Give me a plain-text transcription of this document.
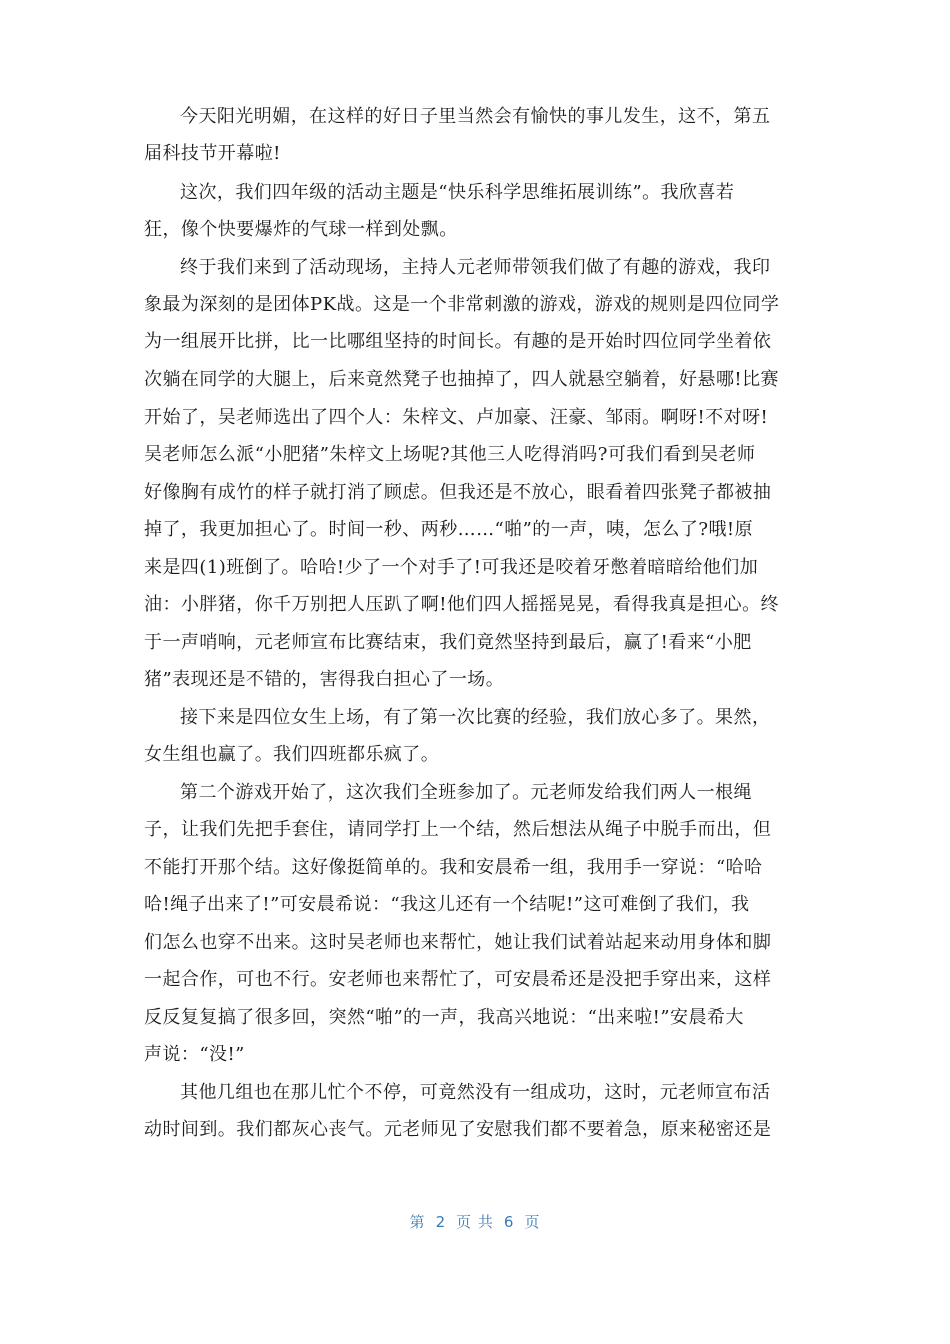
今天阳光明媚，在这样的好日子里当然会有愉快的事儿发生，这不，第五
届科技节开幕啦!
这次，我们四年级的活动主题是“快乐科学思维拓展训练”。我欣喜若
狂，像个快要爆炸的气球一样到处飘。
终于我们来到了活动现场，主持人元老师带领我们做了有趣的游戏，我印
象最为深刻的是团体PK战。这是一个非常刺激的游戏，游戏的规则是四位同学
为一组展开比拼，比一比哪组坚持的时间长。有趣的是开始时四位同学坐着依
次躺在同学的大腿上，后来竟然凳子也抽掉了，四人就悬空躺着，好悬哪!比赛
开始了，吴老师选出了四个人：朱梓文、卢加豪、汪豪、邹雨。啊呀!不对呀!
吴老师怎么派“小肥猪”朱梓文上场呢?其他三人吃得消吗?可我们看到吴老师
好像胸有成竹的样子就打消了顾虑。但我还是不放心，眼看着四张凳子都被抽
掉了，我更加担心了。时间一秒、两秒……“啪”的一声，咦，怎么了?哦!原
来是四(1)班倒了。哈哈!少了一个对手了!可我还是咬着牙憋着暗暗给他们加
油：小胖猪，你千万别把人压趴了啊!他们四人摇摇晃晃，看得我真是担心。终
于一声哨响，元老师宣布比赛结束，我们竟然坚持到最后，赢了!看来“小肥
猪”表现还是不错的，害得我白担心了一场。
接下来是四位女生上场，有了第一次比赛的经验，我们放心多了。果然，
女生组也赢了。我们四班都乐疯了。
第二个游戏开始了，这次我们全班参加了。元老师发给我们两人一根绳
子，让我们先把手套住，请同学打上一个结，然后想法从绳子中脱手而出，但
不能打开那个结。这好像挺简单的。我和安晨希一组，我用手一穿说：“哈哈
哈!绳子出来了!”可安晨希说：“我这儿还有一个结呢!”这可难倒了我们，我
们怎么也穿不出来。这时吴老师也来帮忙，她让我们试着站起来动用身体和脚
一起合作，可也不行。安老师也来帮忙了，可安晨希还是没把手穿出来，这样
反反复复搞了很多回，突然“啪”的一声，我高兴地说：“出来啦!”安晨希大
声说：“没!”
其他几组也在那儿忙个不停，可竟然没有一组成功，这时，元老师宣布活
动时间到。我们都灰心丧气。元老师见了安慰我们都不要着急，原来秘密还是
第 2 页 共 6 页
